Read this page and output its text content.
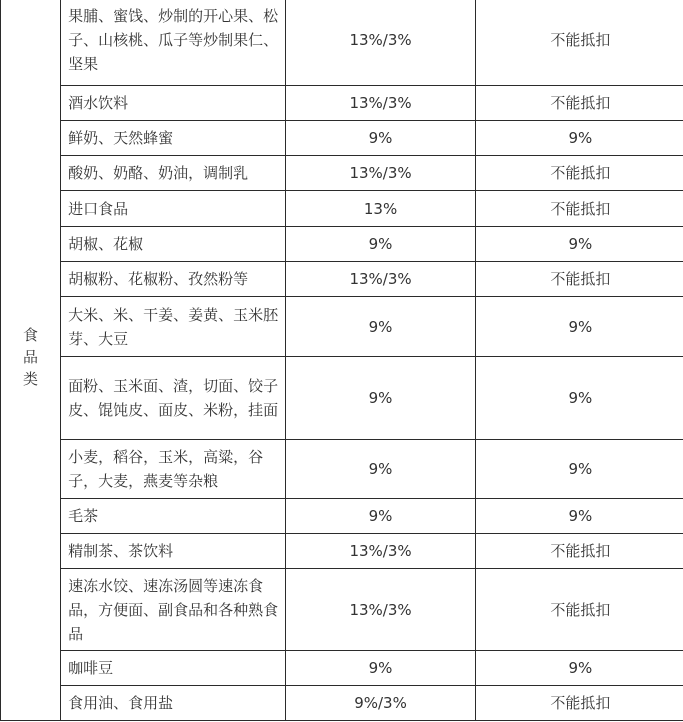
食品类	果脯、蜜饯、炒制的开心果、松子、山核桃、瓜子等炒制果仁、坚果	13%/3%	不能抵扣
	酒水饮料	13%/3%	不能抵扣
	鲜奶、天然蜂蜜	9%	9%
	酸奶、奶酪、奶油，调制乳	13%/3%	不能抵扣
	进口食品	13%	不能抵扣
	胡椒、花椒	9%	9%
	胡椒粉、花椒粉、孜然粉等	13%/3%	不能抵扣
	大米、米、干姜、姜黄、玉米胚芽、大豆	9%	9%
	面粉、玉米面、渣，切面、饺子皮、馄饨皮、面皮、米粉，挂面	9%	9%
	小麦，稻谷，玉米，高粱，谷子，大麦，燕麦等杂粮	9%	9%
	毛茶	9%	9%
	精制茶、茶饮料	13%/3%	不能抵扣
	速冻水饺、速冻汤圆等速冻食品，方便面、副食品和各种熟食品	13%/3%	不能抵扣
	咖啡豆	9%	9%
	食用油、食用盐	9%/3%	不能抵扣
